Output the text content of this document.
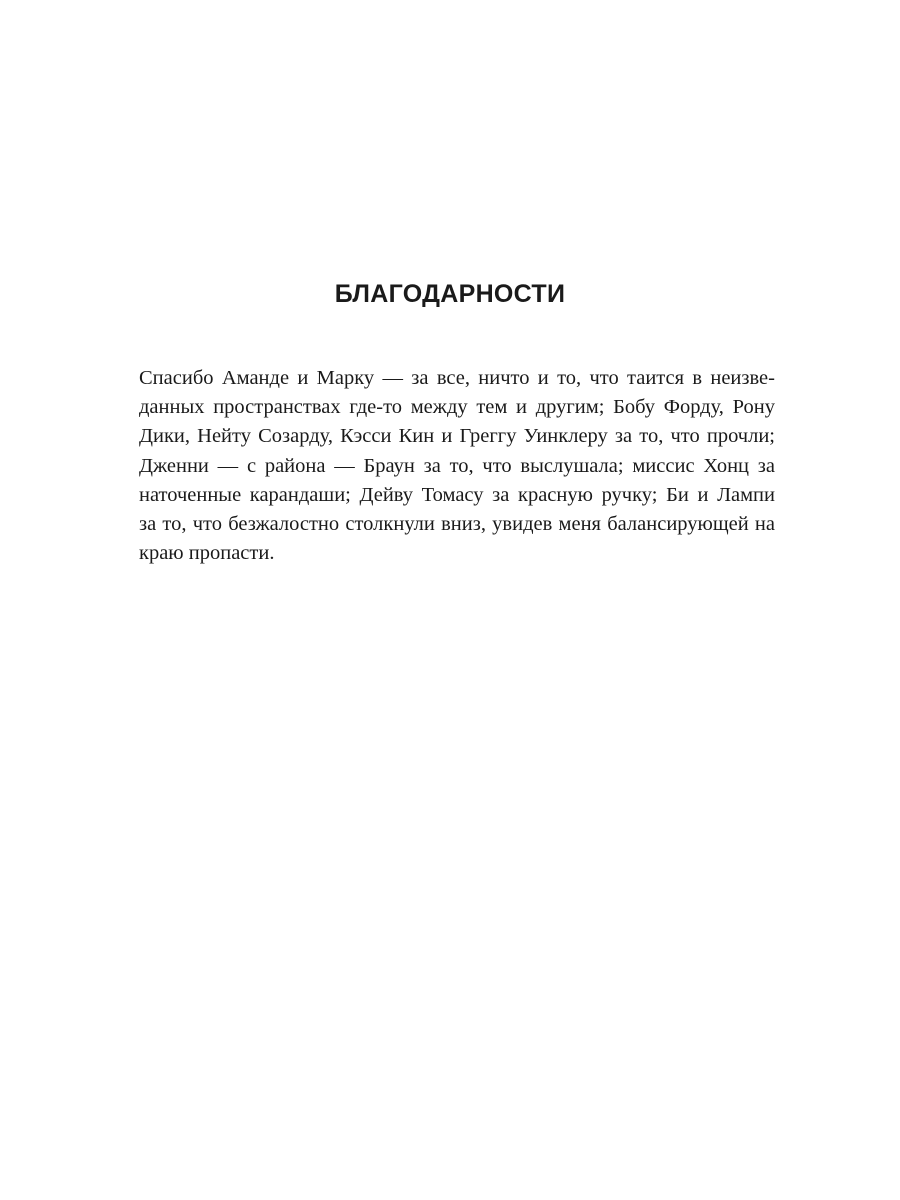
БЛАГОДАРНОСТИ

Спасибо Аманде и Марку — за все, ничто и то, что таится в неизве-
данных пространствах где-то между тем и другим; Бобу Форду, Рону
Дики, Нейту Созарду, Кэсси Кин и Греггу Уинклеру за то, что прочли;
Дженни — с района — Браун за то, что выслушала; миссис Хонц за
наточенные карандаши; Дейву Томасу за красную ручку; Би и Лампи
за то, что безжалостно столкнули вниз, увидев меня балансирующей на
краю пропасти.
